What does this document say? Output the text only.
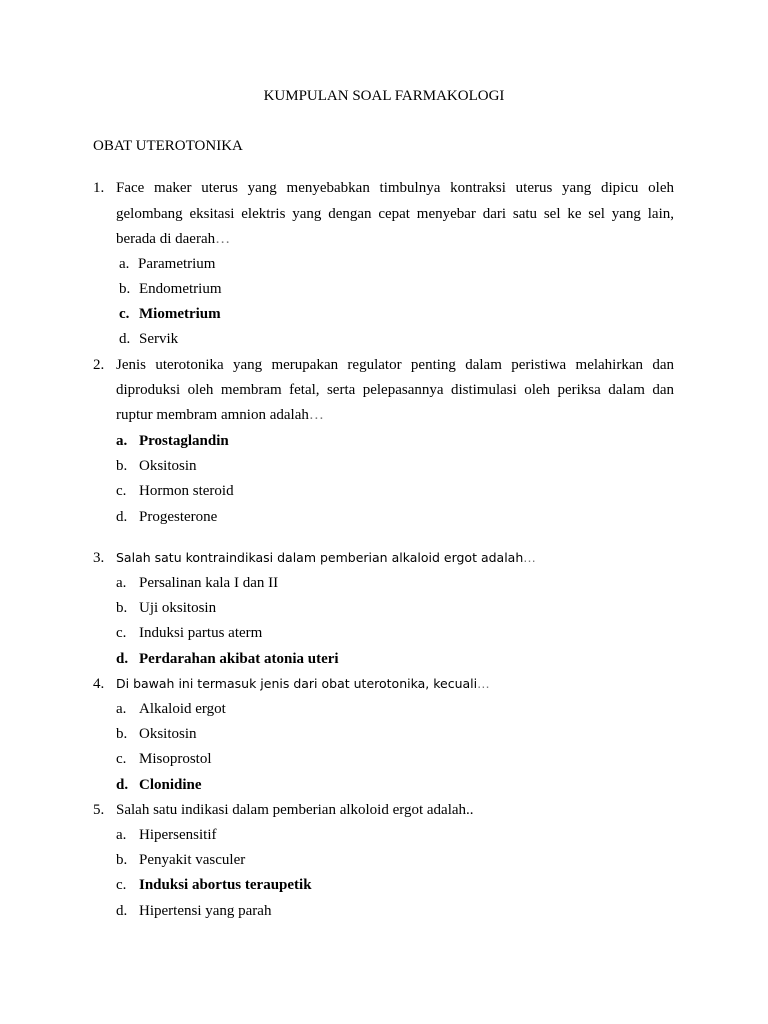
KUMPULAN SOAL FARMAKOLOGI
OBAT UTEROTONIKA
1. Face maker uterus yang menyebabkan timbulnya kontraksi uterus yang dipicu oleh
gelombang eksitasi elektris yang dengan cepat menyebar dari satu sel ke sel yang lain,
berada di daerah…
a. Parametrium
b. Endometrium
c. Miometrium
d. Servik
2. Jenis uterotonika yang merupakan regulator penting dalam peristiwa melahirkan dan
diproduksi oleh membram fetal, serta pelepasannya distimulasi oleh periksa dalam dan
ruptur membram amnion adalah…
a. Prostaglandin
b. Oksitosin
c. Hormon steroid
d. Progesterone
3. Salah satu kontraindikasi dalam pemberian alkaloid ergot adalah…
a. Persalinan kala I dan II
b. Uji oksitosin
c. Induksi partus aterm
d. Perdarahan akibat atonia uteri
4. Di bawah ini termasuk jenis dari obat uterotonika, kecuali…
a. Alkaloid ergot
b. Oksitosin
c. Misoprostol
d. Clonidine
5. Salah satu indikasi dalam pemberian alkoloid ergot adalah..
a. Hipersensitif
b. Penyakit vasculer
c. Induksi abortus teraupetik
d. Hipertensi yang parah
